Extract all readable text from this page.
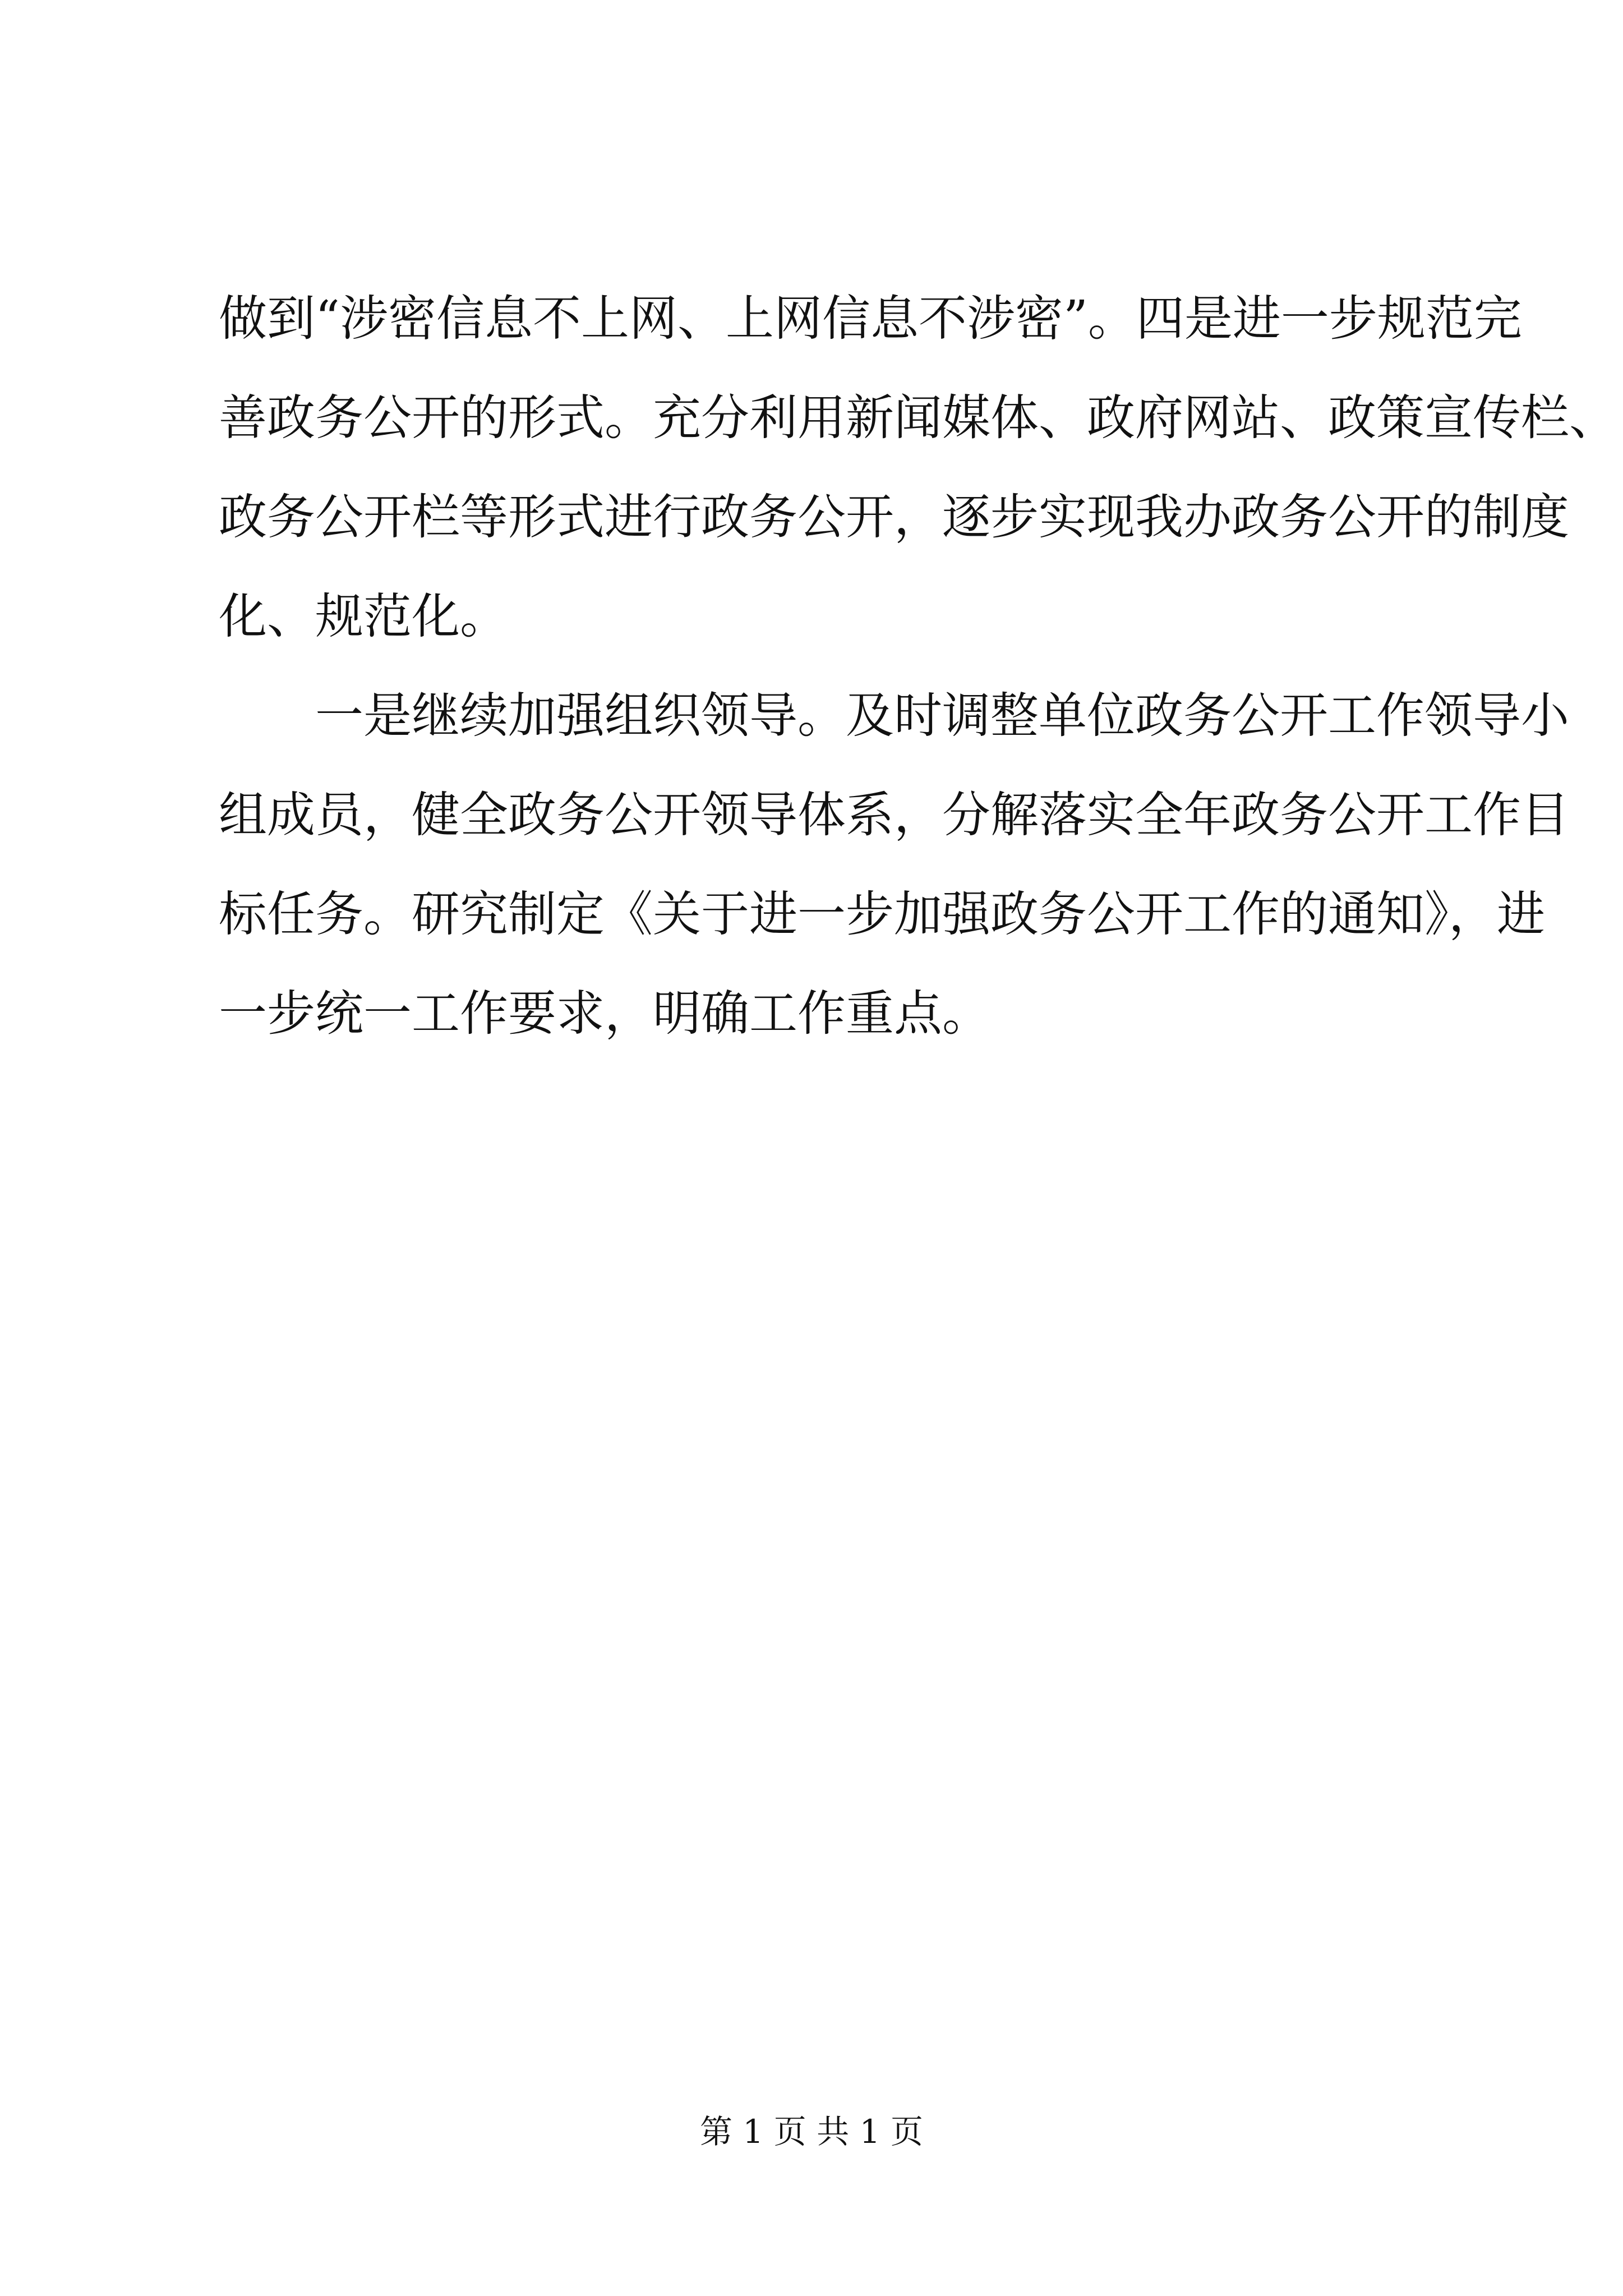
做到“涉密信息不上网、上网信息不涉密”。四是进一步规范完
善政务公开的形式。充分利用新闻媒体、政府网站、政策宣传栏、
政务公开栏等形式进行政务公开，逐步实现我办政务公开的制度
化、规范化。
一是继续加强组织领导。及时调整单位政务公开工作领导小
组成员，健全政务公开领导体系，分解落实全年政务公开工作目
标任务。研究制定《关于进一步加强政务公开工作的通知》，进
一步统一工作要求，明确工作重点。
第 1 页 共 1 页
